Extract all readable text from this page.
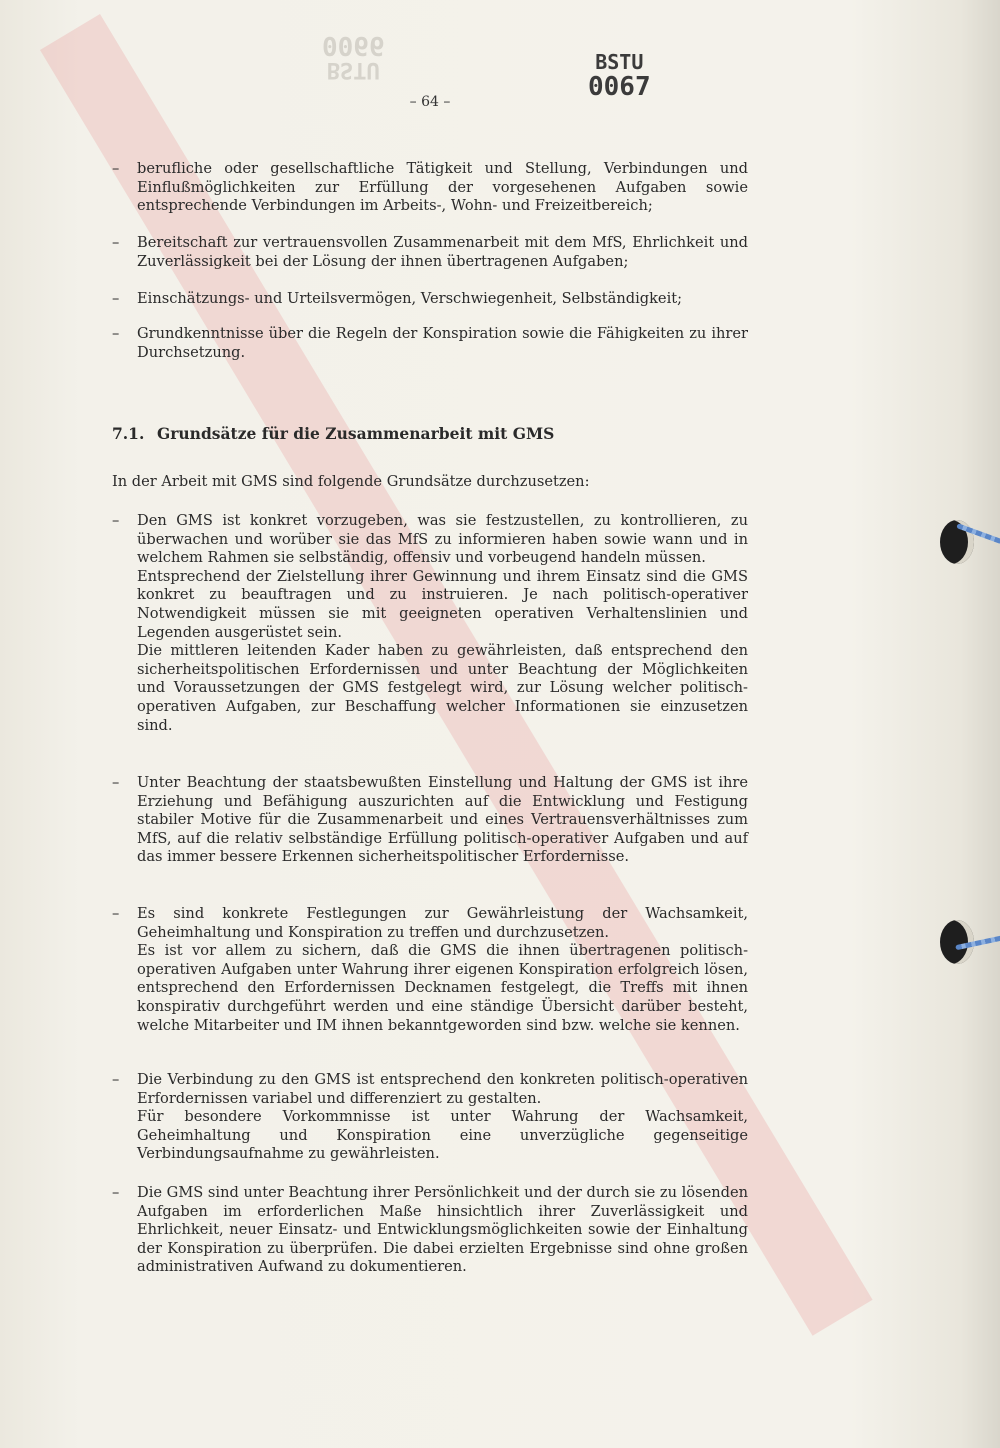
BSTU
0066
BSTU
0067
– 64 –
– berufliche oder gesellschaftliche Tätigkeit und Stellung, Verbindungen und Einflußmöglichkeiten zur Erfüllung der vorgesehenen Aufgaben sowie entsprechende Verbindungen im Arbeits-, Wohn- und Freizeitbereich;

– Bereitschaft zur vertrauensvollen Zusammenarbeit mit dem MfS, Ehrlichkeit und Zuverlässigkeit bei der Lösung der ihnen übertragenen Aufgaben;

– Einschätzungs- und Urteilsvermögen, Verschwiegenheit, Selbständigkeit;

– Grundkenntnisse über die Regeln der Konspiration sowie die Fähigkeiten zu ihrer Durchsetzung.

7.1. Grundsätze für die Zusammenarbeit mit GMS
In der Arbeit mit GMS sind folgende Grundsätze durchzusetzen:
– Den GMS ist konkret vorzugeben, was sie festzustellen, zu kontrollieren, zu überwachen und worüber sie das MfS zu informieren haben sowie wann und in welchem Rahmen sie selbständig, offensiv und vorbeugend handeln müssen.

Entsprechend der Zielstellung ihrer Gewinnung und ihrem Einsatz sind die GMS konkret zu beauftragen und zu instruieren. Je nach politisch-operativer Notwendigkeit müssen sie mit geeigneten operativen Verhaltenslinien und Legenden ausgerüstet sein.

Die mittleren leitenden Kader haben zu gewährleisten, daß entsprechend den sicherheitspolitischen Erfordernissen und unter Beachtung der Möglichkeiten und Voraussetzungen der GMS festgelegt wird, zur Lösung welcher politisch-operativen Aufgaben, zur Beschaffung welcher Informationen sie einzusetzen sind.

– Unter Beachtung der staatsbewußten Einstellung und Haltung der GMS ist ihre Erziehung und Befähigung auszurichten auf die Entwicklung und Festigung stabiler Motive für die Zusammenarbeit und eines Vertrauensverhältnisses zum MfS, auf die relativ selbständige Erfüllung politisch-operativer Aufgaben und auf das immer bessere Erkennen sicherheitspolitischer Erfordernisse.

– Es sind konkrete Festlegungen zur Gewährleistung der Wachsamkeit, Geheimhaltung und Konspiration zu treffen und durchzusetzen.

Es ist vor allem zu sichern, daß die GMS die ihnen übertragenen politisch-operativen Aufgaben unter Wahrung ihrer eigenen Konspiration erfolgreich lösen, entsprechend den Erfordernissen Decknamen festgelegt, die Treffs mit ihnen konspirativ durchgeführt werden und eine ständige Übersicht darüber besteht, welche Mitarbeiter und IM ihnen bekanntgeworden sind bzw. welche sie kennen.

– Die Verbindung zu den GMS ist entsprechend den konkreten politisch-operativen Erfordernissen variabel und differenziert zu gestalten.

Für besondere Vorkommnisse ist unter Wahrung der Wachsamkeit, Geheimhaltung und Konspiration eine unverzügliche gegenseitige Verbindungsaufnahme zu gewährleisten.

– Die GMS sind unter Beachtung ihrer Persönlichkeit und der durch sie zu lösenden Aufgaben im erforderlichen Maße hinsichtlich ihrer Zuverlässigkeit und Ehrlichkeit, neuer Einsatz- und Entwicklungsmöglichkeiten sowie der Einhaltung der Konspiration zu überprüfen. Die dabei erzielten Ergebnisse sind ohne großen administrativen Aufwand zu dokumentieren.
